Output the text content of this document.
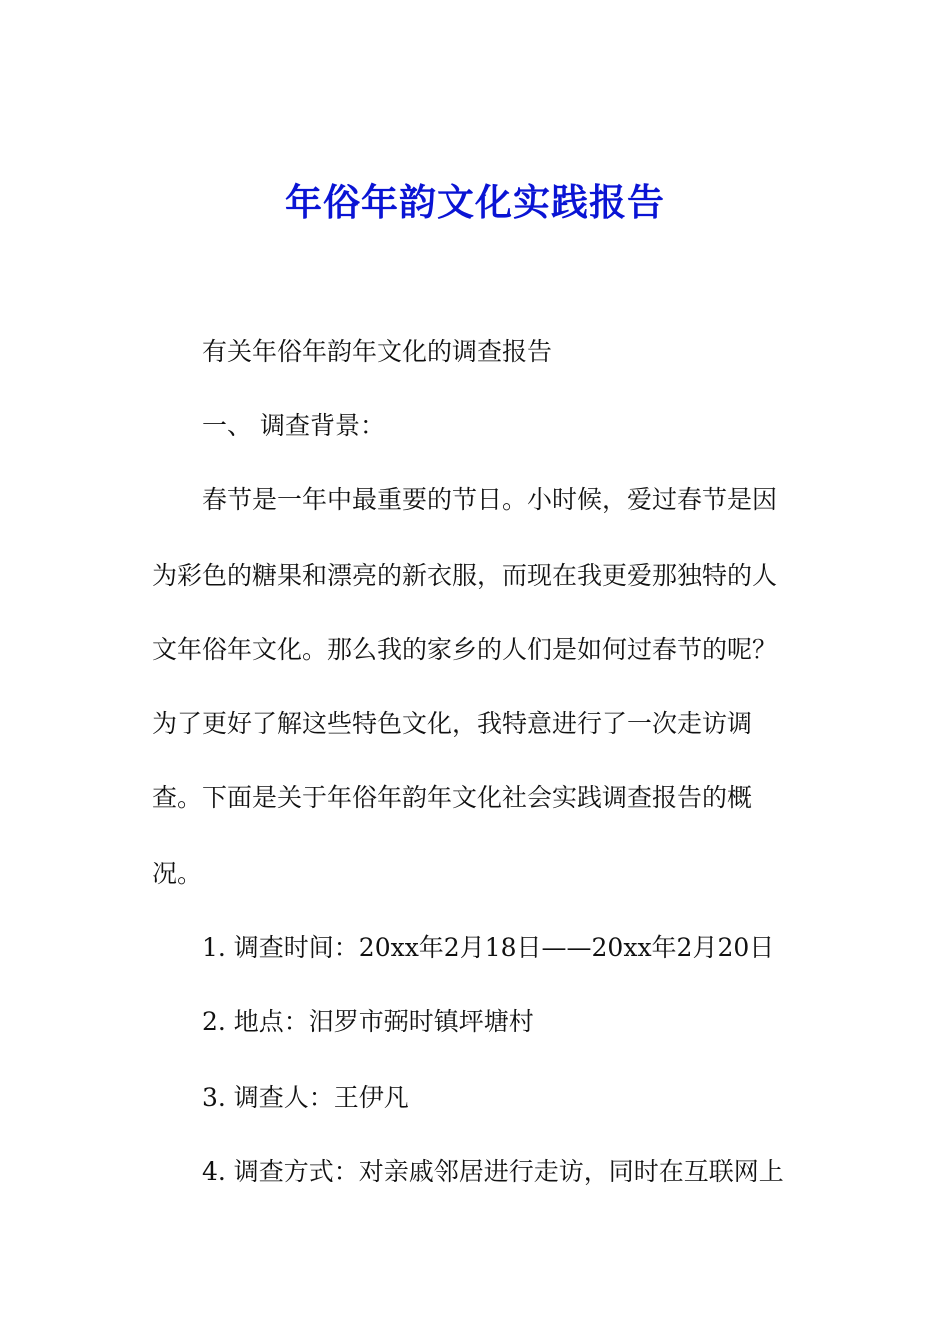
年俗年韵文化实践报告
有关年俗年韵年文化的调查报告
一、 调查背景：
春节是一年中最重要的节日。小时候，爱过春节是因
为彩色的糖果和漂亮的新衣服，而现在我更爱那独特的人
文年俗年文化。那么我的家乡的人们是如何过春节的呢？
为了更好了解这些特色文化，我特意进行了一次走访调
查。下面是关于年俗年韵年文化社会实践调查报告的概
况。
1. 调查时间：20xx年2月18日——20xx年2月20日
2. 地点：汨罗市弼时镇坪塘村
3. 调查人：王伊凡
4. 调查方式：对亲戚邻居进行走访，同时在互联网上
